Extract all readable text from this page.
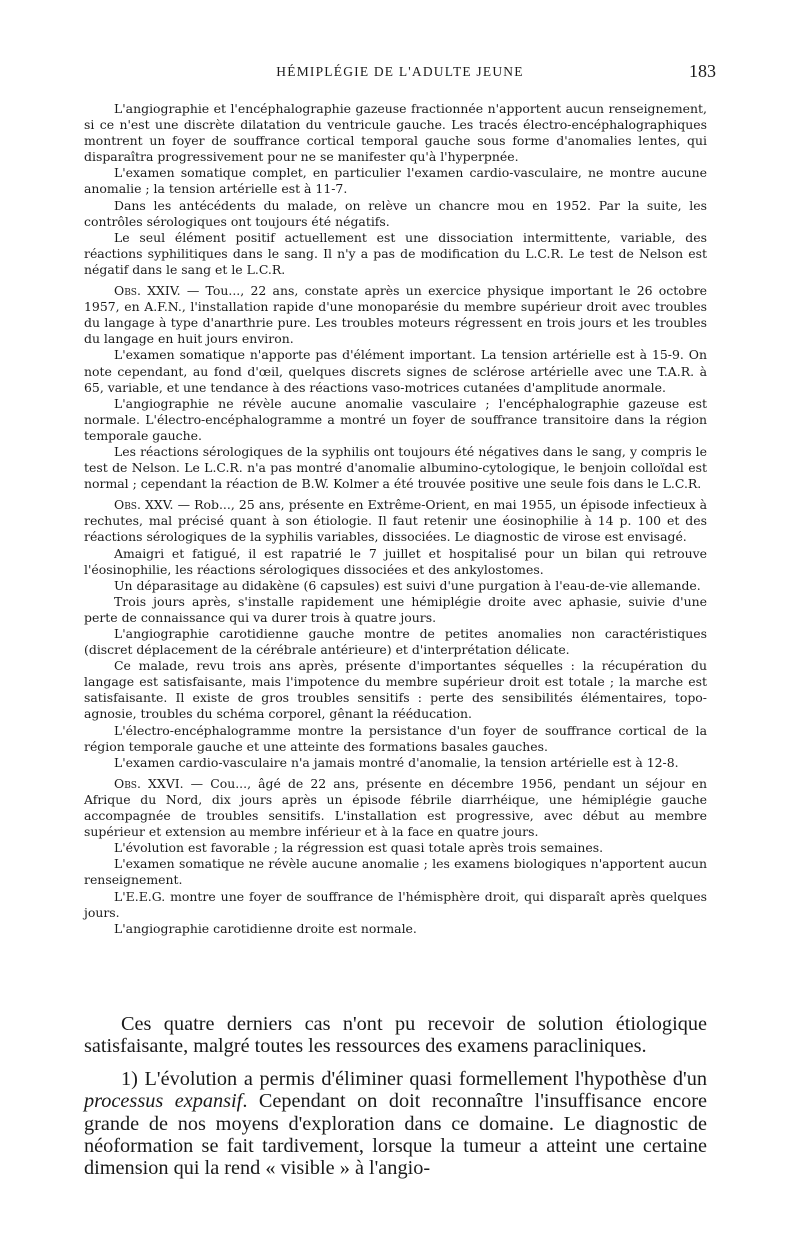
HÉMIPLÉGIE DE L'ADULTE JEUNE	183

L'angiographie et l'encéphalographie gazeuse fractionnée n'apportent aucun renseignement, si ce n'est une discrète dilatation du ventricule gauche. Les tracés électro-encéphalographiques montrent un foyer de souffrance cortical temporal gauche sous forme d'anomalies lentes, qui disparaîtra progressivement pour ne se manifester qu'à l'hyperpnée.

L'examen somatique complet, en particulier l'examen cardio-vasculaire, ne montre aucune anomalie ; la tension artérielle est à 11-7.

Dans les antécédents du malade, on relève un chancre mou en 1952. Par la suite, les contrôles sérologiques ont toujours été négatifs.

Le seul élément positif actuellement est une dissociation intermittente, variable, des réactions syphilitiques dans le sang. Il n'y a pas de modification du L.C.R. Le test de Nelson est négatif dans le sang et le L.C.R.

Obs. XXIV. — Tou..., 22 ans, constate après un exercice physique important le 26 octobre 1957, en A.F.N., l'installation rapide d'une monoparésie du membre supérieur droit avec troubles du langage à type d'anarthrie pure. Les troubles moteurs régressent en trois jours et les troubles du langage en huit jours environ.

L'examen somatique n'apporte pas d'élément important. La tension artérielle est à 15-9. On note cependant, au fond d'œil, quelques discrets signes de sclérose artérielle avec une T.A.R. à 65, variable, et une tendance à des réactions vaso-motrices cutanées d'amplitude anormale.

L'angiographie ne révèle aucune anomalie vasculaire ; l'encéphalographie gazeuse est normale. L'électro-encéphalogramme a montré un foyer de souffrance transitoire dans la région temporale gauche.

Les réactions sérologiques de la syphilis ont toujours été négatives dans le sang, y compris le test de Nelson. Le L.C.R. n'a pas montré d'anomalie albumino-cytologique, le benjoin colloïdal est normal ; cependant la réaction de B.W. Kolmer a été trouvée positive une seule fois dans le L.C.R.

Obs. XXV. — Rob..., 25 ans, présente en Extrême-Orient, en mai 1955, un épisode infectieux à rechutes, mal précisé quant à son étiologie. Il faut retenir une éosinophilie à 14 p. 100 et des réactions sérologiques de la syphilis variables, dissociées. Le diagnostic de virose est envisagé.

Amaigri et fatigué, il est rapatrié le 7 juillet et hospitalisé pour un bilan qui retrouve l'éosinophilie, les réactions sérologiques dissociées et des ankylostomes.

Un déparasitage au didakène (6 capsules) est suivi d'une purgation à l'eau-de-vie allemande.

Trois jours après, s'installe rapidement une hémiplégie droite avec aphasie, suivie d'une perte de connaissance qui va durer trois à quatre jours.

L'angiographie carotidienne gauche montre de petites anomalies non caractéristiques (discret déplacement de la cérébrale antérieure) et d'interprétation délicate.

Ce malade, revu trois ans après, présente d'importantes séquelles : la récupération du langage est satisfaisante, mais l'impotence du membre supérieur droit est totale ; la marche est satisfaisante. Il existe de gros troubles sensitifs : perte des sensibilités élémentaires, topo-agnosie, troubles du schéma corporel, gênant la rééducation.

L'électro-encéphalogramme montre la persistance d'un foyer de souffrance cortical de la région temporale gauche et une atteinte des formations basales gauches.

L'examen cardio-vasculaire n'a jamais montré d'anomalie, la tension artérielle est à 12-8.

Obs. XXVI. — Cou..., âgé de 22 ans, présente en décembre 1956, pendant un séjour en Afrique du Nord, dix jours après un épisode fébrile diarrhéique, une hémiplégie gauche accompagnée de troubles sensitifs. L'installation est progressive, avec début au membre supérieur et extension au membre inférieur et à la face en quatre jours.

L'évolution est favorable ; la régression est quasi totale après trois semaines.

L'examen somatique ne révèle aucune anomalie ; les examens biologiques n'apportent aucun renseignement.

L'E.E.G. montre une foyer de souffrance de l'hémisphère droit, qui disparaît après quelques jours.

L'angiographie carotidienne droite est normale.

Ces quatre derniers cas n'ont pu recevoir de solution étiologique satisfaisante, malgré toutes les ressources des examens paracliniques.

1) L'évolution a permis d'éliminer quasi formellement l'hypothèse d'un processus expansif. Cependant on doit reconnaître l'insuffisance encore grande de nos moyens d'exploration dans ce domaine. Le diagnostic de néoformation se fait tardivement, lorsque la tumeur a atteint une certaine dimension qui la rend « visible » à l'angio-
